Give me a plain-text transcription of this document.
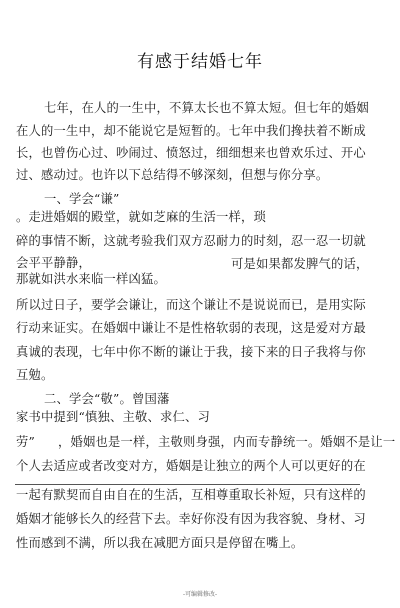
有感于结婚七年
七年，在人的一生中，不算太长也不算太短。但七年的婚姻
在人的一生中，却不能说它是短暂的。七年中我们搀扶着不断成
长，也曾伤心过、吵闹过、愤怒过，细细想来也曾欢乐过、开心
过、感动过。也许以下总结得不够深刻，但想与你分享。
一、学会“谦”
。走进婚姻的殿堂，就如芝麻的生活一样，琐
碎的事情不断，这就考验我们双方忍耐力的时刻，忍一忍一切就
会平平静静，	可是如果都发脾气的话，
那就如洪水来临一样凶猛。
所以过日子，要学会谦让，而这个谦让不是说说而已，是用实际
行动来证实。在婚姻中谦让不是性格软弱的表现，这是爱对方最
真诚的表现，七年中你不断的谦让于我，接下来的日子我将与你
互勉。
二、学会“敬”。曾国藩
家书中提到“慎独、主敬、求仁、习
劳” ，婚姻也是一样，主敬则身强，内而专静统一。婚姻不是让一
个人去适应或者改变对方，婚姻是让独立的两个人可以更好的在
一起有默契而自由自在的生活，互相尊重取长补短，只有这样的
婚姻才能够长久的经营下去。幸好你没有因为我容貌、身材、习
性而感到不满，所以我在减肥方面只是停留在嘴上。
-可编辑修改-
